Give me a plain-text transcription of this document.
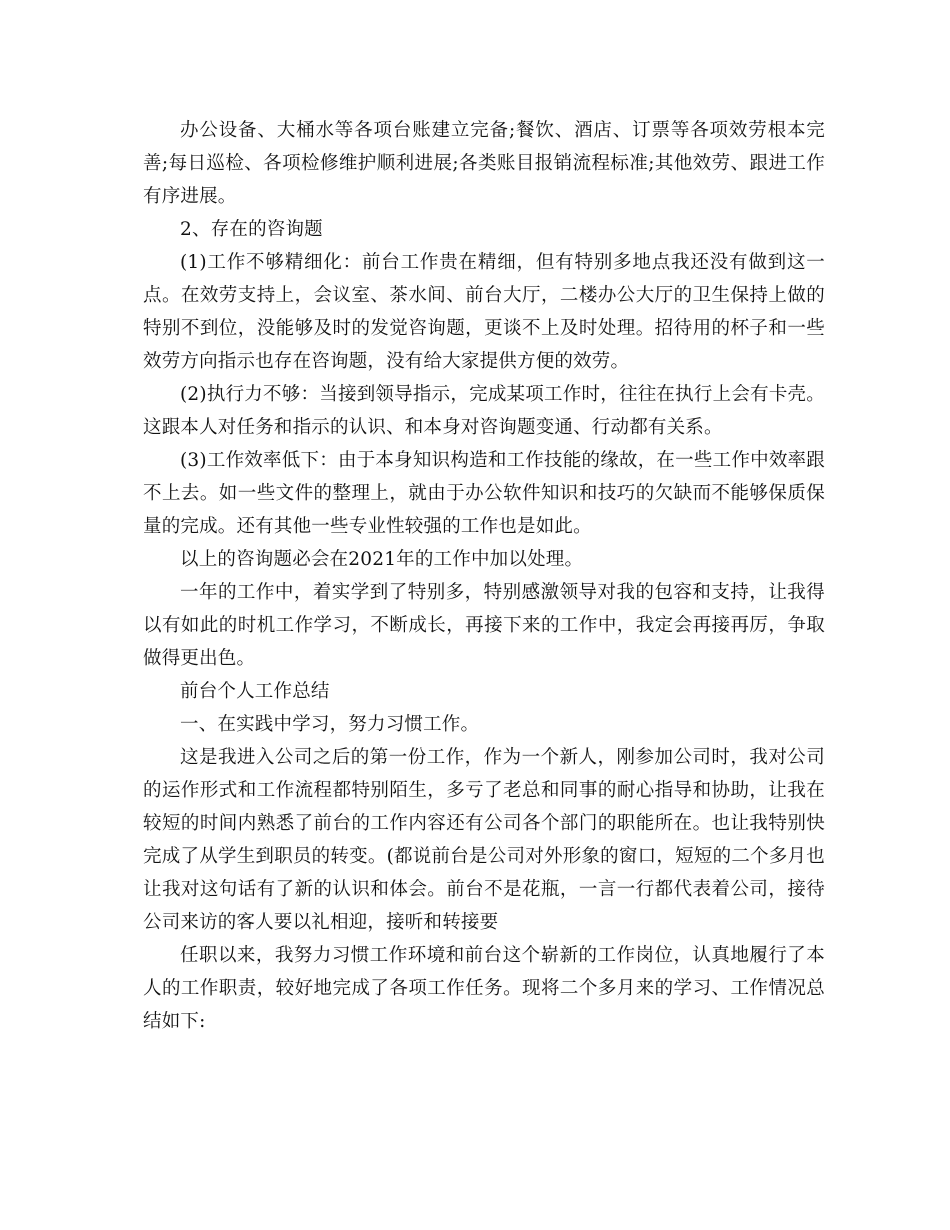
办公设备、大桶水等各项台账建立完备;餐饮、酒店、订票等各项效劳根本完善;每日巡检、各项检修维护顺利进展;各类账目报销流程标准;其他效劳、跟进工作有序进展。

2、存在的咨询题

(1)工作不够精细化：前台工作贵在精细，但有特别多地点我还没有做到这一点。在效劳支持上，会议室、茶水间、前台大厅，二楼办公大厅的卫生保持上做的特别不到位，没能够及时的发觉咨询题，更谈不上及时处理。招待用的杯子和一些效劳方向指示也存在咨询题，没有给大家提供方便的效劳。

(2)执行力不够：当接到领导指示，完成某项工作时，往往在执行上会有卡壳。这跟本人对任务和指示的认识、和本身对咨询题变通、行动都有关系。

(3)工作效率低下：由于本身知识构造和工作技能的缘故，在一些工作中效率跟不上去。如一些文件的整理上，就由于办公软件知识和技巧的欠缺而不能够保质保量的完成。还有其他一些专业性较强的工作也是如此。

以上的咨询题必会在2021年的工作中加以处理。

一年的工作中，着实学到了特别多，特别感激领导对我的包容和支持，让我得以有如此的时机工作学习，不断成长，再接下来的工作中，我定会再接再厉，争取做得更出色。

前台个人工作总结

一、在实践中学习，努力习惯工作。

这是我进入公司之后的第一份工作，作为一个新人，刚参加公司时，我对公司的运作形式和工作流程都特别陌生，多亏了老总和同事的耐心指导和协助，让我在较短的时间内熟悉了前台的工作内容还有公司各个部门的职能所在。也让我特别快完成了从学生到职员的转变。(都说前台是公司对外形象的窗口，短短的二个多月也让我对这句话有了新的认识和体会。前台不是花瓶，一言一行都代表着公司，接待公司来访的客人要以礼相迎，接听和转接要

任职以来，我努力习惯工作环境和前台这个崭新的工作岗位，认真地履行了本人的工作职责，较好地完成了各项工作任务。现将二个多月来的学习、工作情况总结如下:
